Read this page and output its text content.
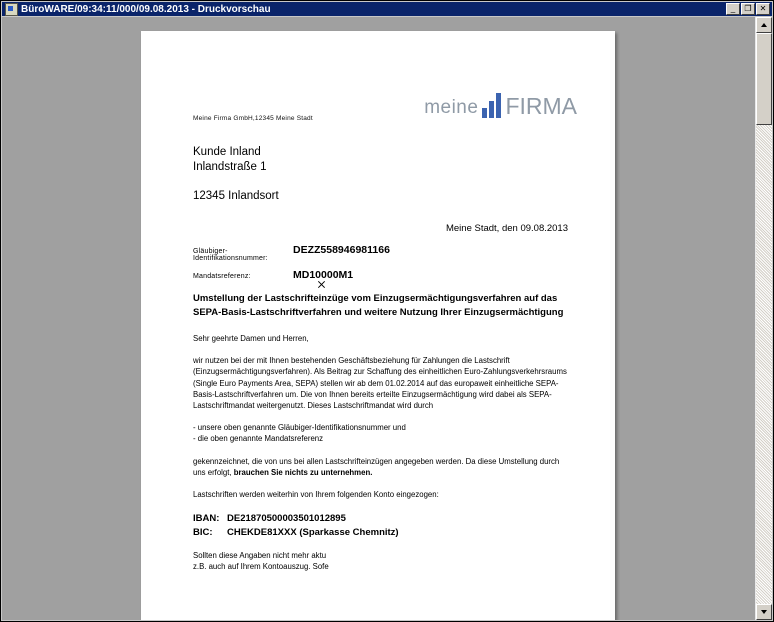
BüroWARE/09:34:11/000/09.08.2013 - Druckvorschau	_	❐	✕
meine FIRMA
Meine Firma GmbH,12345 Meine Stadt
Kunde Inland
Inlandstraße 1
12345 Inlandsort
Meine Stadt, den 09.08.2013
Gläubiger-Identifikationsnummer:
DEZZ558946981166
Mandatsreferenz:	MD10000M1
Umstellung der Lastschrifteinzüge vom Einzugsermächtigungsverfahren auf das
SEPA-Basis-Lastschriftverfahren und weitere Nutzung Ihrer Einzugsermächtigung

Sehr geehrte Damen und Herren,

wir nutzen bei der mit Ihnen bestehenden Geschäftsbeziehung für Zahlungen die Lastschrift (Einzugsermächtigungsverfahren). Als Beitrag zur Schaffung des einheitlichen Euro-Zahlungsverkehrsraums (Single Euro Payments Area, SEPA) stellen wir ab dem 01.02.2014 auf das europaweit einheitliche SEPA-Basis-Lastschriftverfahren um. Die von Ihnen bereits erteilte Einzugsermächtigung wird dabei als SEPA-Lastschriftmandat weitergenutzt. Dieses Lastschriftmandat wird durch

- unsere oben genannte Gläubiger-Identifikationsnummer und

- die oben genannte Mandatsreferenz

gekennzeichnet, die von uns bei allen Lastschrifteinzügen angegeben werden. Da diese Umstellung durch uns erfolgt, brauchen Sie nichts zu unternehmen.

Lastschriften werden weiterhin von Ihrem folgenden Konto eingezogen:

IBAN: DE21870500003501012895
BIC:	CHEKDE81XXX (Sparkasse Chemnitz)
Sollten diese Angaben nicht mehr aktu
z.B. auch auf Ihrem Kontoauszug. Sofe
